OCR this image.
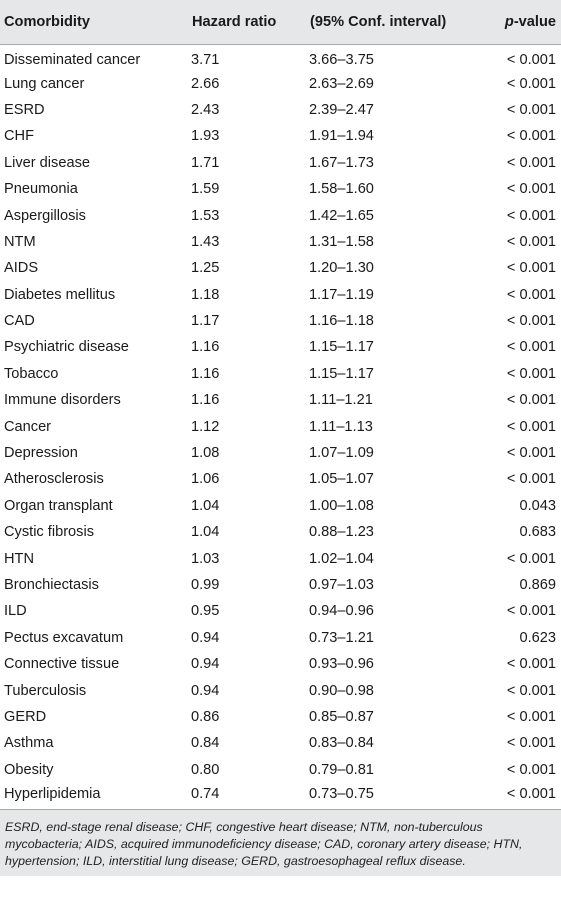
Comorbidity	Hazard ratio	(95% Conf. interval)	p-value
Disseminated cancer	3.71	3.66–3.75	< 0.001
Lung cancer	2.66	2.63–2.69	< 0.001
ESRD	2.43	2.39–2.47	< 0.001
CHF	1.93	1.91–1.94	< 0.001
Liver disease	1.71	1.67–1.73	< 0.001
Pneumonia	1.59	1.58–1.60	< 0.001
Aspergillosis	1.53	1.42–1.65	< 0.001
NTM	1.43	1.31–1.58	< 0.001
AIDS	1.25	1.20–1.30	< 0.001
Diabetes mellitus	1.18	1.17–1.19	< 0.001
CAD	1.17	1.16–1.18	< 0.001
Psychiatric disease	1.16	1.15–1.17	< 0.001
Tobacco	1.16	1.15–1.17	< 0.001
Immune disorders	1.16	1.11–1.21	< 0.001
Cancer	1.12	1.11–1.13	< 0.001
Depression	1.08	1.07–1.09	< 0.001
Atherosclerosis	1.06	1.05–1.07	< 0.001
Organ transplant	1.04	1.00–1.08	0.043
Cystic fibrosis	1.04	0.88–1.23	0.683
HTN	1.03	1.02–1.04	< 0.001
Bronchiectasis	0.99	0.97–1.03	0.869
ILD	0.95	0.94–0.96	< 0.001
Pectus excavatum	0.94	0.73–1.21	0.623
Connective tissue	0.94	0.93–0.96	< 0.001
Tuberculosis	0.94	0.90–0.98	< 0.001
GERD	0.86	0.85–0.87	< 0.001
Asthma	0.84	0.83–0.84	< 0.001
Obesity	0.80	0.79–0.81	< 0.001
Hyperlipidemia	0.74	0.73–0.75	< 0.001
ESRD, end-stage renal disease; CHF, congestive heart disease; NTM, non-tuberculous mycobacteria; AIDS, acquired immunodeficiency disease; CAD, coronary artery disease; HTN, hypertension; ILD, interstitial lung disease; GERD, gastroesophageal reflux disease.
